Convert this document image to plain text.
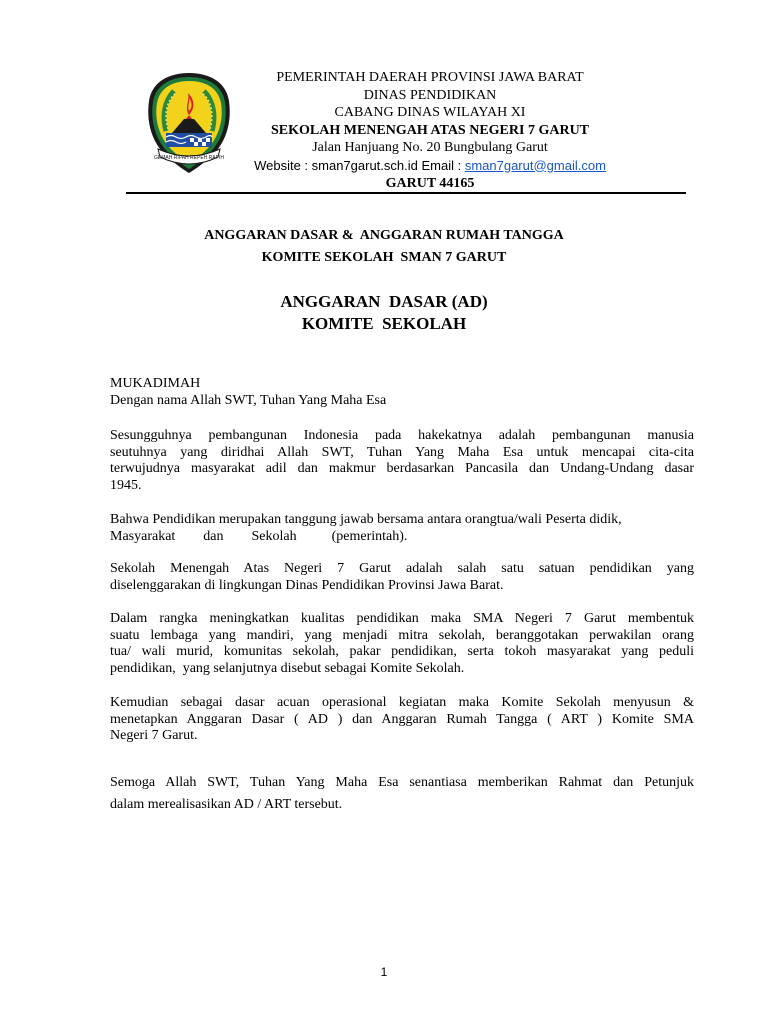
GEMAH RIPAH REPEH RAPIH
PEMERINTAH DAERAH PROVINSI JAWA BARAT
DINAS PENDIDIKAN
CABANG DINAS WILAYAH XI
SEKOLAH MENENGAH ATAS NEGERI 7 GARUT
Jalan Hanjuang No. 20 Bungbulang Garut
Website : sman7garut.sch.id Email : sman7garut@gmail.com
GARUT 44165
ANGGARAN DASAR &  ANGGARAN RUMAH TANGGA
KOMITE SEKOLAH  SMAN 7 GARUT
ANGGARAN  DASAR (AD)
KOMITE  SEKOLAH
MUKADIMAH
Dengan nama Allah SWT, Tuhan Yang Maha Esa
Sesungguhnya pembangunan Indonesia pada hakekatnya adalah pembangunan manusia
seutuhnya yang diridhai Allah SWT, Tuhan Yang Maha Esa untuk mencapai cita-cita
terwujudnya masyarakat adil dan makmur berdasarkan Pancasila dan Undang-Undang dasar
1945.
Bahwa Pendidikan merupakan tanggung jawab bersama antara orangtua/wali Peserta didik,
Masyarakat        dan        Sekolah          (pemerintah).
Sekolah Menengah Atas Negeri 7 Garut adalah salah satu satuan pendidikan yang
diselenggarakan di lingkungan Dinas Pendidikan Provinsi Jawa Barat.
Dalam rangka meningkatkan kualitas pendidikan maka SMA Negeri 7 Garut membentuk
suatu lembaga yang mandiri, yang menjadi mitra sekolah, beranggotakan perwakilan orang
tua/ wali murid, komunitas sekolah, pakar pendidikan, serta tokoh masyarakat yang peduli
pendidikan,  yang selanjutnya disebut sebagai Komite Sekolah.
Kemudian sebagai dasar acuan operasional kegiatan maka Komite Sekolah menyusun &
menetapkan Anggaran Dasar ( AD ) dan Anggaran Rumah Tangga ( ART ) Komite SMA
Negeri 7 Garut.
Semoga Allah SWT, Tuhan Yang Maha Esa senantiasa memberikan Rahmat dan Petunjuk
dalam merealisasikan AD / ART tersebut.
1
